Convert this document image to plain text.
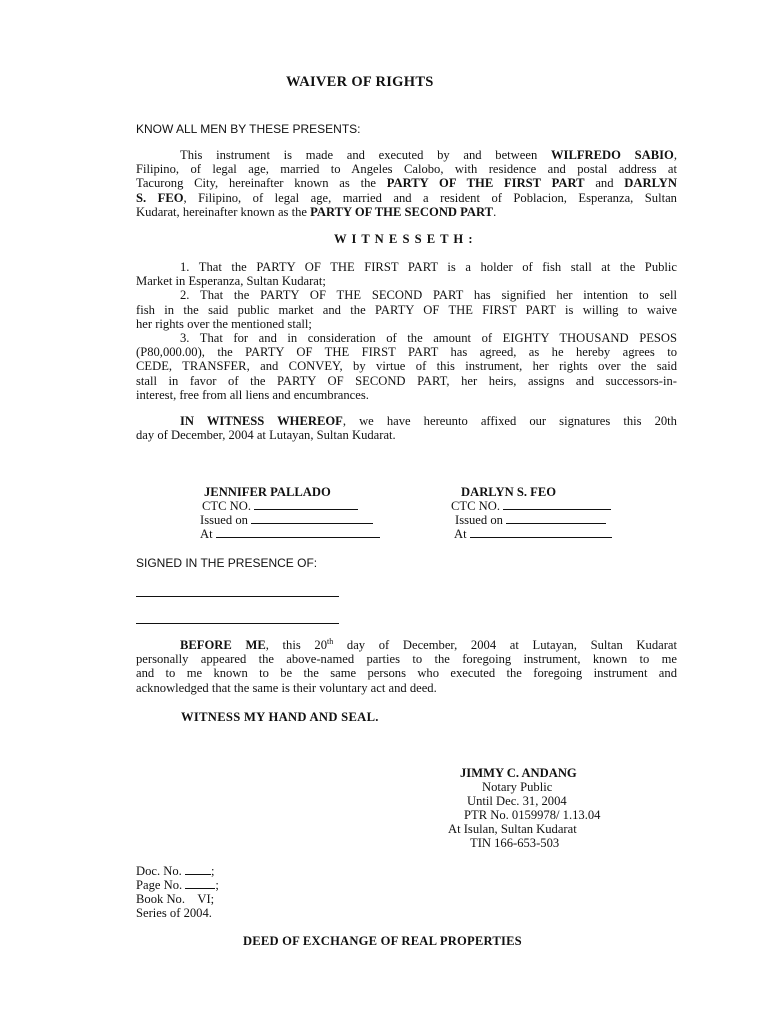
WAIVER OF RIGHTS
KNOW ALL MEN BY THESE PRESENTS:
This instrument is made and executed by and between WILFREDO SABIO,
Filipino, of legal age, married to Angeles Calobo, with residence and postal address at
Tacurong City, hereinafter known as the PARTY OF THE FIRST PART and DARLYN
S. FEO, Filipino, of legal age, married and a resident of Poblacion, Esperanza, Sultan
Kudarat, hereinafter known as the PARTY OF THE SECOND PART.
W I T N E S S E T H :
1. That the PARTY OF THE FIRST PART is a holder of fish stall at the Public
Market in Esperanza, Sultan Kudarat;
2. That the PARTY OF THE SECOND PART has signified her intention to sell
fish in the said public market and the PARTY OF THE FIRST PART is willing to waive
her rights over the mentioned stall;
3. That for and in consideration of the amount of EIGHTY THOUSAND PESOS
(P80,000.00), the PARTY OF THE FIRST PART has agreed, as he hereby agrees to
CEDE, TRANSFER, and CONVEY, by virtue of this instrument, her rights over the said
stall in favor of the PARTY OF SECOND PART, her heirs, assigns and successors-in-
interest, free from all liens and encumbrances.
IN WITNESS WHEREOF, we have hereunto affixed our signatures this 20th
day of December, 2004 at Lutayan, Sultan Kudarat.
JENNIFER PALLADO
CTC NO.
Issued on
At
DARLYN S. FEO
CTC NO.
Issued on
At
SIGNED IN THE PRESENCE OF:
BEFORE ME, this 20th day of December, 2004 at Lutayan, Sultan Kudarat
personally appeared the above-named parties to the foregoing instrument, known to me
and to me known to be the same persons who executed the foregoing instrument and
acknowledged that the same is their voluntary act and deed.
WITNESS MY HAND AND SEAL.
JIMMY C. ANDANG
Notary Public
Until Dec. 31, 2004
PTR No. 0159978/ 1.13.04
At Isulan, Sultan Kudarat
TIN 166-653-503
Doc. No. ;
Page No.	;
Book No.    VI;
Series of 2004.
DEED OF EXCHANGE OF REAL PROPERTIES
